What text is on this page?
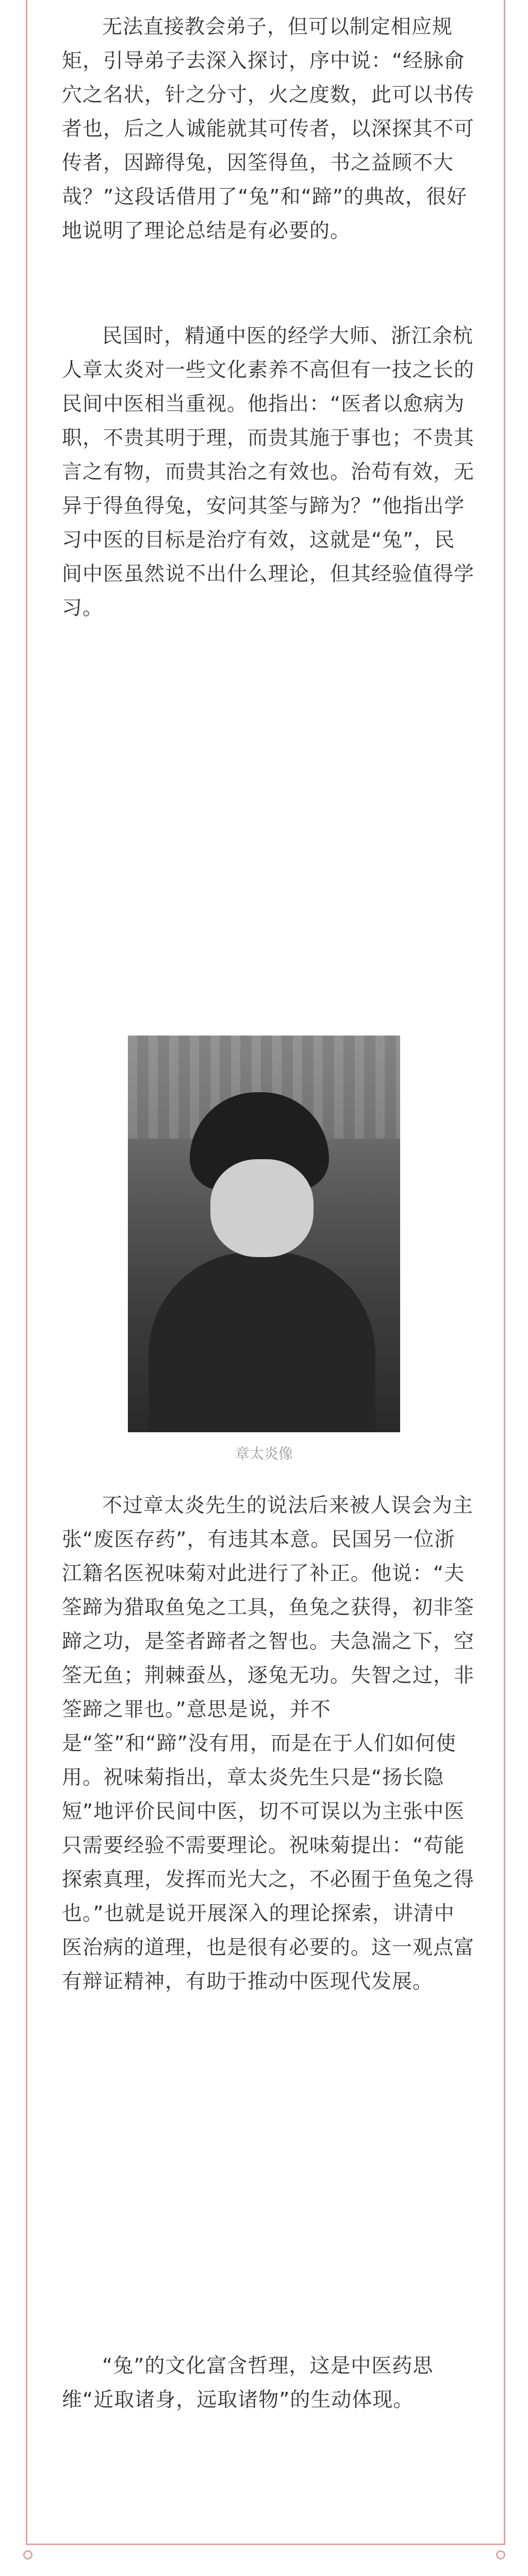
无法直接教会弟子，但可以制定相应规矩，引导弟子去深入探讨，序中说：“经脉俞穴之名状，针之分寸，火之度数，此可以书传者也，后之人诚能就其可传者，以深探其不可传者，因蹄得兔，因筌得鱼，书之益顾不大哉？”这段话借用了“兔”和“蹄”的典故，很好地说明了理论总结是有必要的。
民国时，精通中医的经学大师、浙江余杭人章太炎对一些文化素养不高但有一技之长的民间中医相当重视。他指出：“医者以愈病为职，不贵其明于理，而贵其施于事也；不贵其言之有物，而贵其治之有效也。治苟有效，无异于得鱼得兔，安问其筌与蹄为？”他指出学习中医的目标是治疗有效，这就是“兔”，民间中医虽然说不出什么理论，但其经验值得学习。
章太炎像
不过章太炎先生的说法后来被人误会为主张“废医存药”，有违其本意。民国另一位浙江籍名医祝味菊对此进行了补正。他说：“夫筌蹄为猎取鱼兔之工具，鱼兔之获得，初非筌蹄之功，是筌者蹄者之智也。夫急湍之下，空筌无鱼；荆棘蚕丛，逐兔无功。失智之过，非筌蹄之罪也。”意思是说，并不是“筌”和“蹄”没有用，而是在于人们如何使用。祝味菊指出，章太炎先生只是“扬长隐短”地评价民间中医，切不可误以为主张中医只需要经验不需要理论。祝味菊提出：“苟能探索真理，发挥而光大之，不必囿于鱼兔之得也。”也就是说开展深入的理论探索，讲清中医治病的道理，也是很有必要的。这一观点富有辩证精神，有助于推动中医现代发展。
“兔”的文化富含哲理，这是中医药思维“近取诸身，远取诸物”的生动体现。
